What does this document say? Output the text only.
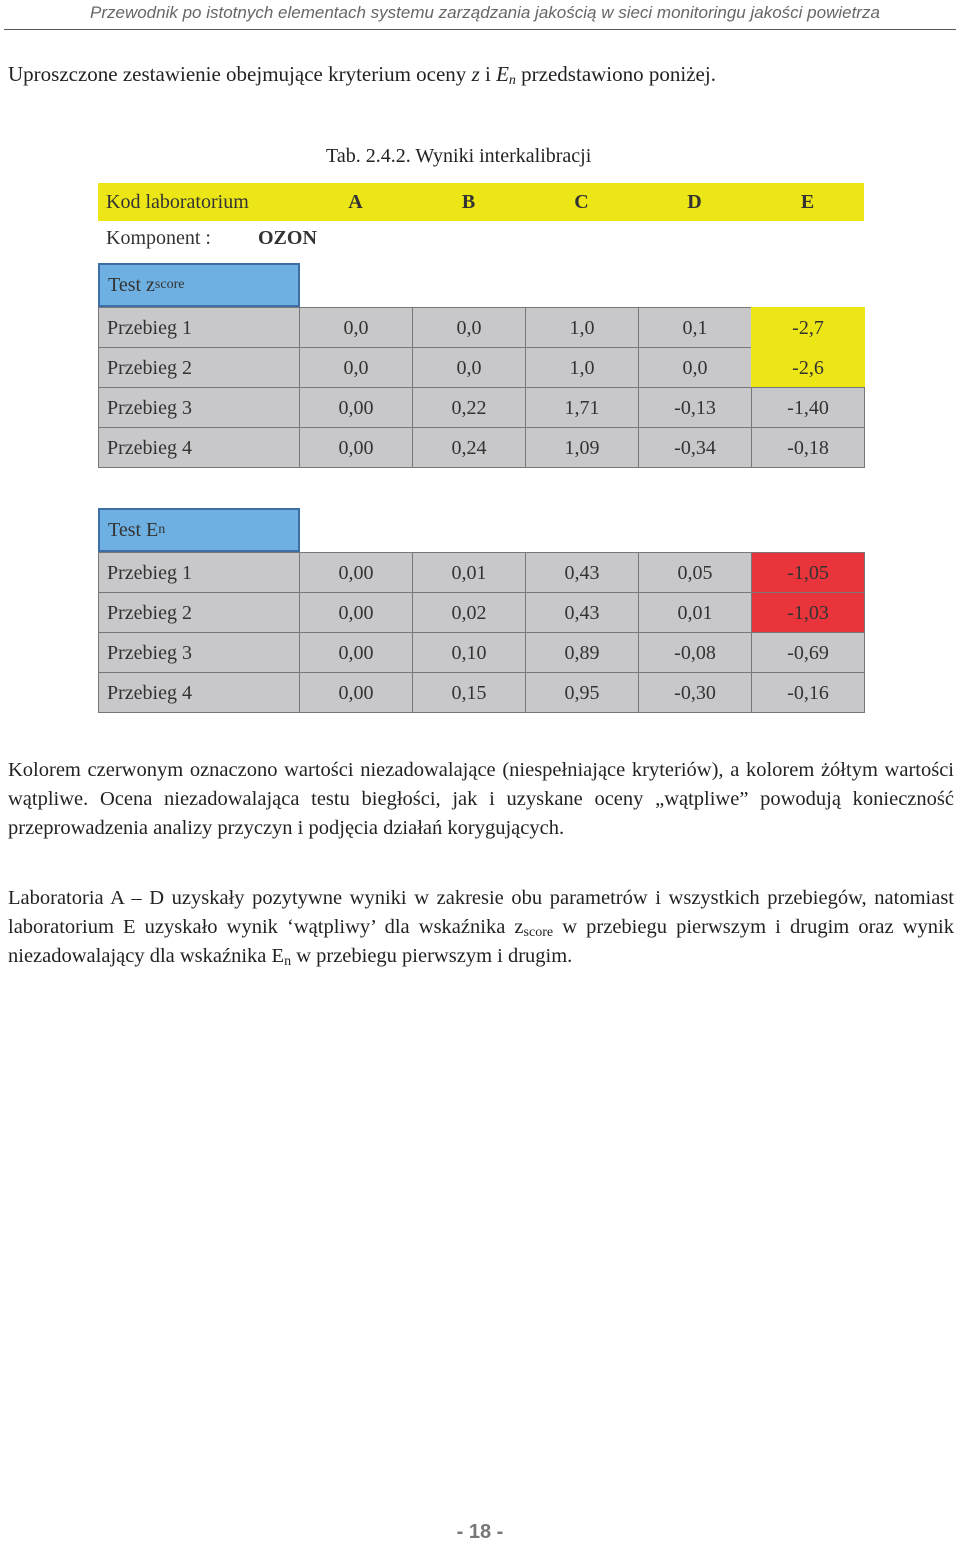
Przewodnik po istotnych elementach systemu zarządzania jakością w sieci monitoringu jakości powietrza
Uproszczone zestawienie obejmujące kryterium oceny z i $E_n$ przedstawiono poniżej.
Tab. 2.4.2. Wyniki interkalibracji
Kod laboratorium	A	B	C	D	E
Komponent :	OZON
Test z score
Test E n
Przebieg 1	0,0	0,0	1,0	0,1	-2,7
Przebieg 2	0,0	0,0	1,0	0,0	-2,6
Przebieg 3	0,00	0,22	1,71	-0,13	-1,40
Przebieg 4	0,00	0,24	1,09	-0,34	-0,18
Przebieg 1	0,00	0,01	0,43	0,05	-1,05
Przebieg 2	0,00	0,02	0,43	0,01	-1,03
Przebieg 3	0,00	0,10	0,89	-0,08	-0,69
Przebieg 4	0,00	0,15	0,95	-0,30	-0,16
Kolorem czerwonym oznaczono wartości niezadowalające (niespełniające kryteriów), a kolorem żółtym wartości wątpliwe. Ocena niezadowalająca testu biegłości, jak i uzyskane oceny „wątpliwe” powodują konieczność przeprowadzenia analizy przyczyn i podjęcia działań korygujących.
Laboratoria A – D uzyskały pozytywne wyniki w zakresie obu parametrów i wszystkich przebiegów, natomiast laboratorium E uzyskało wynik ‘wątpliwy’ dla wskaźnika $z_{score}$ w przebiegu pierwszym i drugim oraz wynik niezadowalający dla wskaźnika $E_n$ w przebiegu pierwszym i drugim.
- 18 -
